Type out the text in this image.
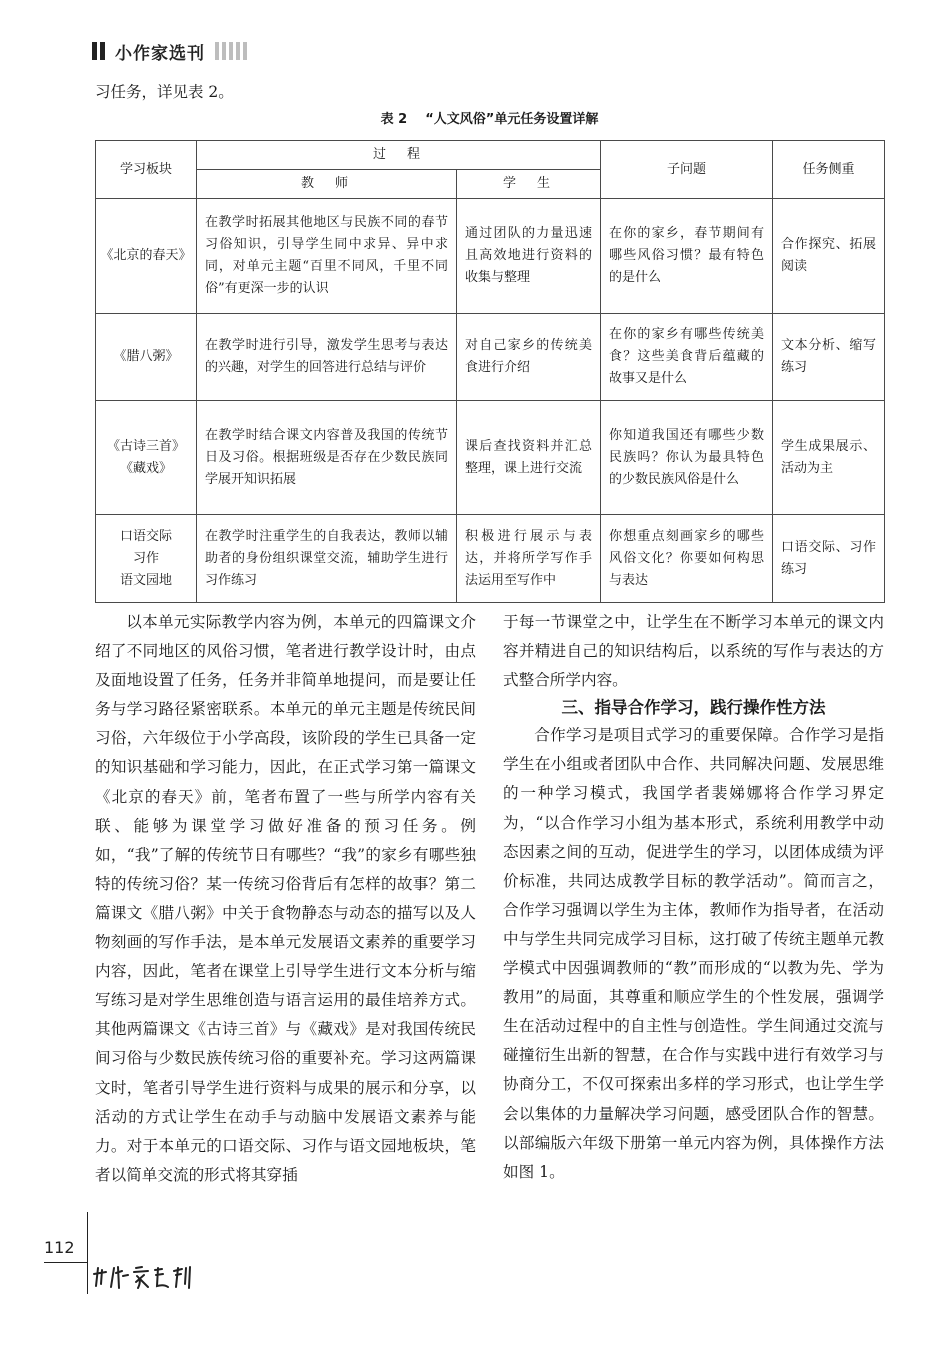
小作家选刊
习任务，详见表 2。
表 2 “人文风俗”单元任务设置详解
学习板块	过　程		子问题	任务侧重
	教　师	学　生		

《北京的春天》	在教学时拓展其他地区与民族不同的春节习俗知识，引导学生同中求异、异中求同，对单元主题“百里不同风，千里不同俗”有更深一步的认识	通过团队的力量迅速且高效地进行资料的收集与整理	在你的家乡，春节期间有哪些风俗习惯？最有特色的是什么	合作探究、拓展阅读

《腊八粥》	在教学时进行引导，激发学生思考与表达的兴趣，对学生的回答进行总结与评价	对自己家乡的传统美食进行介绍	在你的家乡有哪些传统美食？这些美食背后蕴藏的故事又是什么	文本分析、缩写练习

《古诗三首》
《藏戏》	在教学时结合课文内容普及我国的传统节日及习俗。根据班级是否存在少数民族同学展开知识拓展	课后查找资料并汇总整理，课上进行交流	你知道我国还有哪些少数民族吗？你认为最具特色的少数民族风俗是什么	学生成果展示、活动为主

口语交际
习作
语文园地	在教学时注重学生的自我表达，教师以辅助者的身份组织课堂交流，辅助学生进行习作练习	积极进行展示与表达，并将所学写作手法运用至写作中	你想重点刻画家乡的哪些风俗文化？你要如何构思与表达	口语交际、习作练习

以本单元实际教学内容为例，本单元的四篇课文介绍了不同地区的风俗习惯，笔者进行教学设计时，由点及面地设置了任务，任务并非简单地提问，而是要让任务与学习路径紧密联系。本单元的单元主题是传统民间习俗，六年级位于小学高段，该阶段的学生已具备一定的知识基础和学习能力，因此，在正式学习第一篇课文《北京的春天》前，笔者布置了一些与所学内容有关联、能够为课堂学习做好准备的预习任务。例如，“我”了解的传统节日有哪些？“我”的家乡有哪些独特的传统习俗？某一传统习俗背后有怎样的故事？第二篇课文《腊八粥》中关于食物静态与动态的描写以及人物刻画的写作手法，是本单元发展语文素养的重要学习内容，因此，笔者在课堂上引导学生进行文本分析与缩写练习是对学生思维创造与语言运用的最佳培养方式。其他两篇课文《古诗三首》与《藏戏》是对我国传统民间习俗与少数民族传统习俗的重要补充。学习这两篇课文时，笔者引导学生进行资料与成果的展示和分享，以活动的方式让学生在动手与动脑中发展语文素养与能力。对于本单元的口语交际、习作与语文园地板块，笔者以简单交流的形式将其穿插

于每一节课堂之中，让学生在不断学习本单元的课文内容并精进自己的知识结构后，以系统的写作与表达的方式整合所学内容。

三、指导合作学习，践行操作性方法

合作学习是项目式学习的重要保障。合作学习是指学生在小组或者团队中合作、共同解决问题、发展思维的一种学习模式，我国学者裴娣娜将合作学习界定为，“以合作学习小组为基本形式，系统利用教学中动态因素之间的互动，促进学生的学习，以团体成绩为评价标准，共同达成教学目标的教学活动”。简而言之，合作学习强调以学生为主体，教师作为指导者，在活动中与学生共同完成学习目标，这打破了传统主题单元教学模式中因强调教师的“教”而形成的“以教为先、学为教用”的局面，其尊重和顺应学生的个性发展，强调学生在活动过程中的自主性与创造性。学生间通过交流与碰撞衍生出新的智慧，在合作与实践中进行有效学习与协商分工，不仅可探索出多样的学习形式，也让学生学会以集体的力量解决学习问题，感受团队合作的智慧。以部编版六年级下册第一单元内容为例，具体操作方法如图 1。

112
